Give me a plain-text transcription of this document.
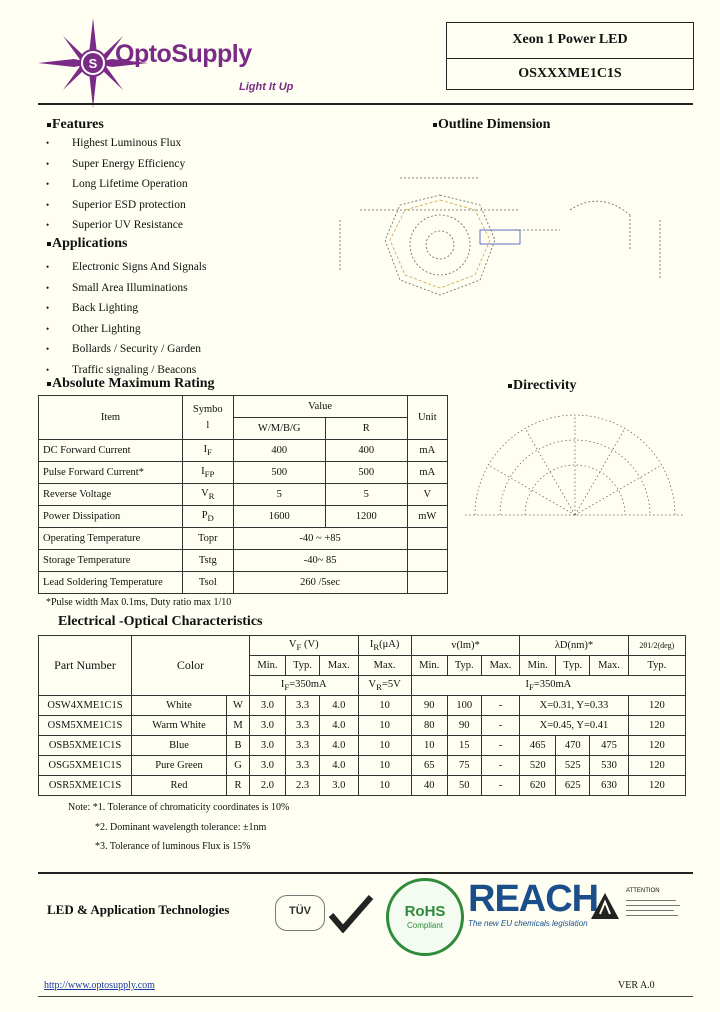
S OptoSupply
Light It Up
Xeon 1 Power LED
OSXXXME1C1S
Features
• Highest Luminous Flux
• Super Energy Efficiency
• Long Lifetime Operation
• Superior ESD protection
• Superior UV Resistance
Applications
• Electronic Signs And Signals
• Small Area Illuminations
• Back Lighting
• Other Lighting
• Bollards / Security / Garden
• Traffic signaling / Beacons
Outline Dimension
Absolute Maximum Rating
Item	Symbo
l	Value		Unit
		W/M/B/G	R	
DC Forward Current	$I_F$	400	400	mA
Pulse Forward Current*	$I_{FP}$	500	500	mA
Reverse Voltage	$V_R$	5	5	V
Power Dissipation	$P_D$	1600	1200	mW
Operating Temperature	Topr	-40 ~ +85		
Storage Temperature	Tstg	-40~ 85		
Lead Soldering Temperature	Tsol	260 /5sec		
*Pulse width Max 0.1ms, Duty ratio max 1/10
Directivity
Electrical -Optical Characteristics
Part Number	Color		$V_F$ (V)			$I_R(\mu A)$	v(lm)*			λD(nm)*			2θ1/2(deg)
			Min.	Typ.	Max.	Max.	Min.	Typ.	Max.	Min.	Typ.	Max.	Typ.
			$I_F=350mA$			$V_R=5V$	$I_F=350mA$						
OSW4XME1C1S	White	W	3.0	3.3	4.0	10	90	100	-	X=0.31, Y=0.33			120
OSM5XME1C1S	Warm White	M	3.0	3.3	4.0	10	80	90	-	X=0.45, Y=0.41			120
OSB5XME1C1S	Blue	B	3.0	3.3	4.0	10	10	15	-	465	470	475	120
OSG5XME1C1S	Pure Green	G	3.0	3.3	4.0	10	65	75	-	520	525	530	120
OSR5XME1C1S	Red	R	2.0	2.3	3.0	10	40	50	-	620	625	630	120
Note: *1. Tolerance of chromaticity coordinates is 10%
*2. Dominant wavelength tolerance: ±1nm
*3. Tolerance of luminous Flux is 15%
LED & Application Technologies	TÜV	RoHS
Compliant
REACH
The new EU chemicals legislation
ATTENTION
http://www.optosupply.com	VER A.0
